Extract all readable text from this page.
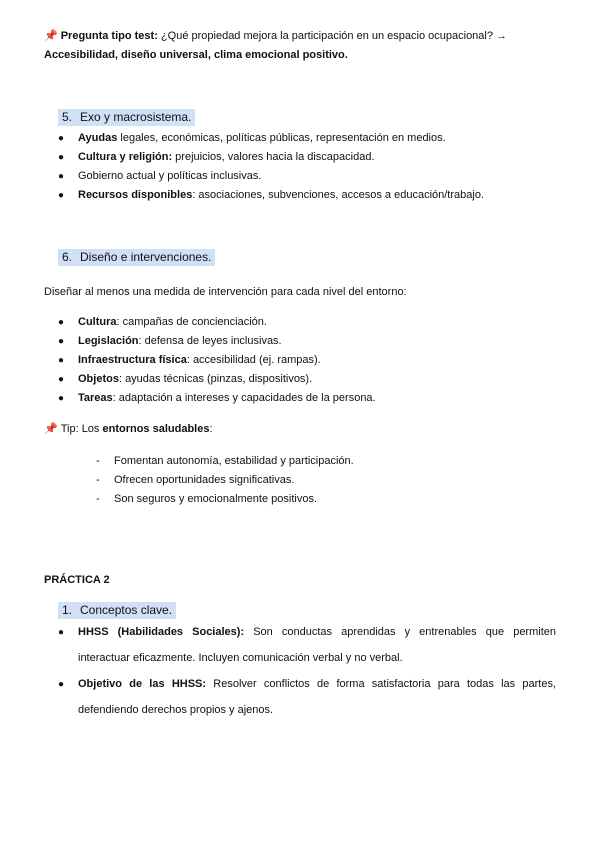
📌 Pregunta tipo test: ¿Qué propiedad mejora la participación en un espacio ocupacional? →
Accesibilidad, diseño universal, clima emocional positivo.
5. Exo y macrosistema.
● Ayudas legales, económicas, políticas públicas, representación en medios.
● Cultura y religión: prejuicios, valores hacia la discapacidad.
● Gobierno actual y políticas inclusivas.
● Recursos disponibles: asociaciones, subvenciones, accesos a educación/trabajo.
6. Diseño e intervenciones.
Diseñar al menos una medida de intervención para cada nivel del entorno:
● Cultura: campañas de concienciación.
● Legislación: defensa de leyes inclusivas.
● Infraestructura física: accesibilidad (ej. rampas).
● Objetos: ayudas técnicas (pinzas, dispositivos).
● Tareas: adaptación a intereses y capacidades de la persona.
📌 Tip: Los entornos saludables:
- Fomentan autonomía, estabilidad y participación.
- Ofrecen oportunidades significativas.
- Son seguros y emocionalmente positivos.
PRÁCTICA 2
1. Conceptos clave.
●	HHSS (Habilidades Sociales): Son conductas aprendidas y entrenables que permiten
interactuar eficazmente. Incluyen comunicación verbal y no verbal.
●	Objetivo de las HHSS: Resolver conflictos de forma satisfactoria para todas las partes,
defendiendo derechos propios y ajenos.
